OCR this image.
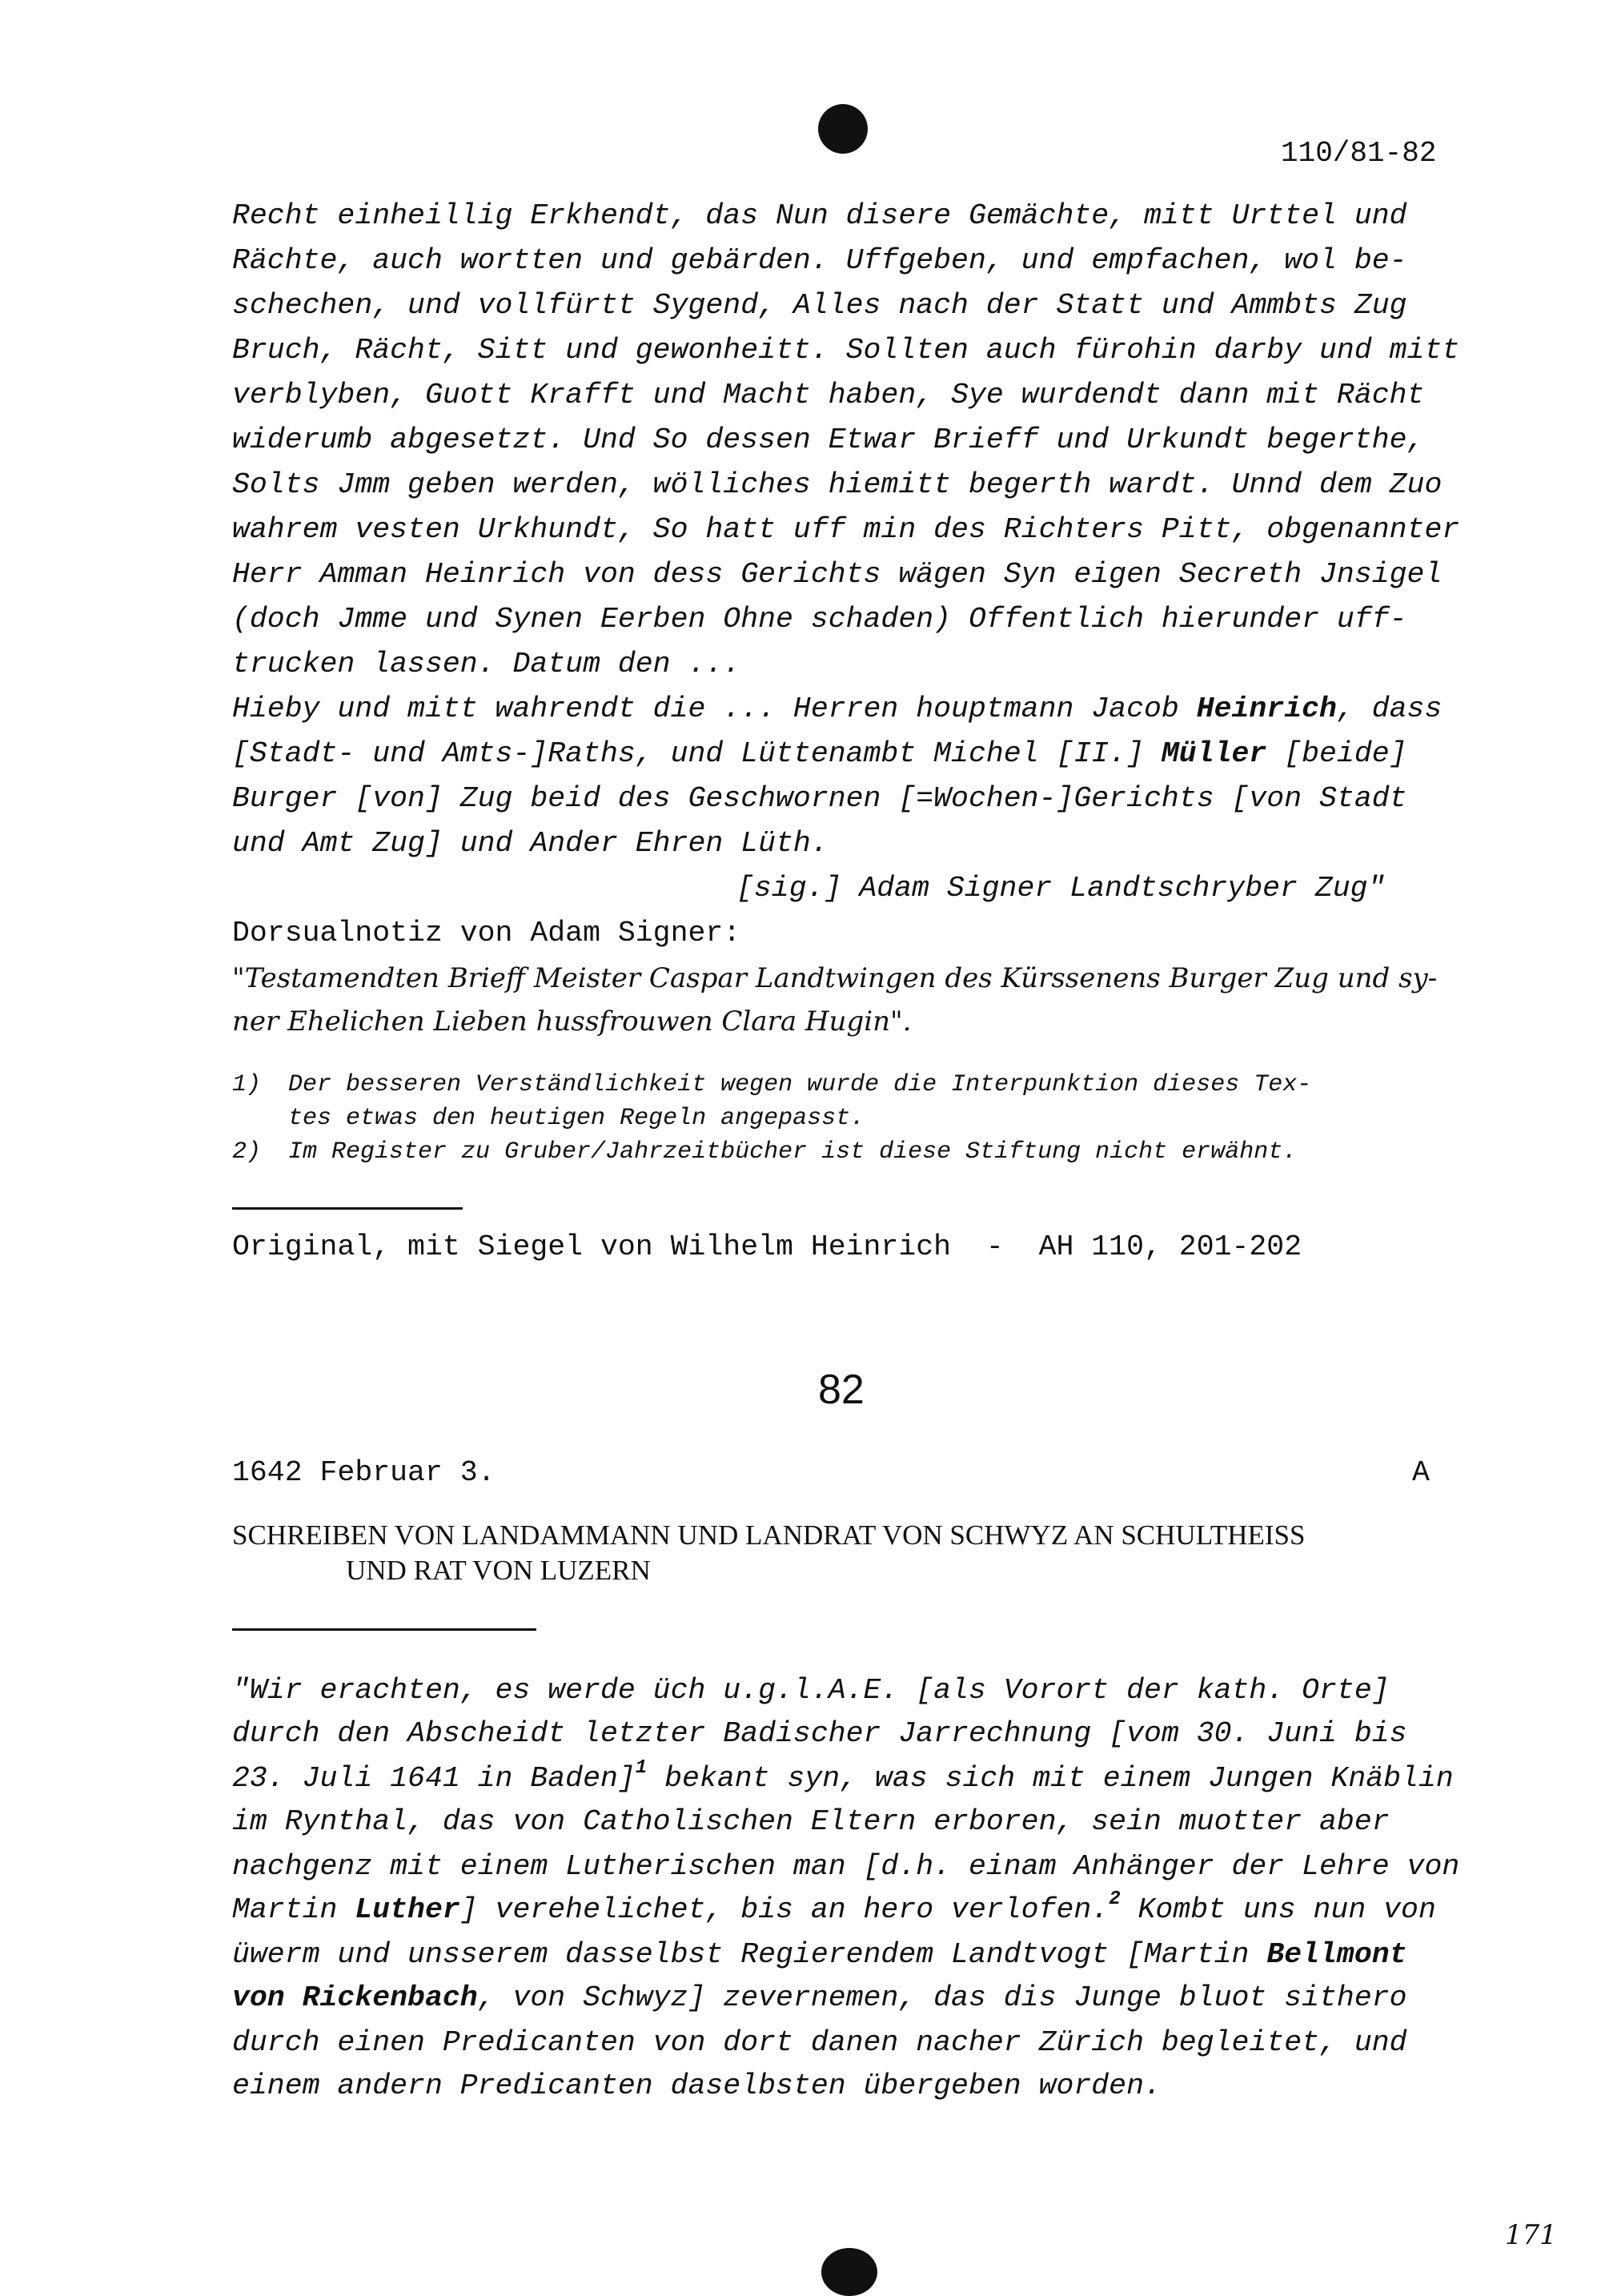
110/81-82
Recht einheillig Erkhendt, das Nun disere Gemächte, mitt Urttel und
Rächte, auch wortten und gebärden. Uffgeben, und empfachen, wol be-
schechen, und vollfürtt Sygend, Alles nach der Statt und Ammbts Zug
Bruch, Rächt, Sitt und gewonheitt. Sollten auch fürohin darby und mitt
verblyben, Guott Krafft und Macht haben, Sye wurdendt dann mit Rächt
widerumb abgesetzt. Und So dessen Etwar Brieff und Urkundt begerthe,
Solts Jmm geben werden, wölliches hiemitt begerth wardt. Unnd dem Zuo
wahrem vesten Urkhundt, So hatt uff min des Richters Pitt, obgenannter
Herr Amman Heinrich von dess Gerichts wägen Syn eigen Secreth Jnsigel
(doch Jmme und Synen Eerben Ohne schaden) Offentlich hierunder uff-
trucken lassen. Datum den ...
Hieby und mitt wahrendt die ... Herren houptmann Jacob Heinrich, dass
[Stadt- und Amts-]Raths, und Lüttenambt Michel [II.] Müller [beide]
Burger [von] Zug beid des Geschwornen [=Wochen-]Gerichts [von Stadt
und Amt Zug] und Ander Ehren Lüth.
[sig.] Adam Signer Landtschryber Zug"
Dorsualnotiz von Adam Signer:
"Testamendten Brieff Meister Caspar Landtwingen des Kürssenens Burger Zug und sy-
ner Ehelichen Lieben hussfrouwen Clara Hugin".
1) Der besseren Verständlichkeit wegen wurde die Interpunktion dieses Tex-
tes etwas den heutigen Regeln angepasst.
2) Im Register zu Gruber/Jahrzeitbücher ist diese Stiftung nicht erwähnt.
Original, mit Siegel von Wilhelm Heinrich  -  AH 110, 201-202
82
1642 Februar 3.	A
SCHREIBEN VON LANDAMMANN UND LANDRAT VON SCHWYZ AN SCHULTHEISS
UND RAT VON LUZERN
"Wir erachten, es werde üch u.g.l.A.E. [als Vorort der kath. Orte]
durch den Abscheidt letzter Badischer Jarrechnung [vom 30. Juni bis
23. Juli 1641 in Baden]$^1$ bekant syn, was sich mit einem Jungen Knäblin
im Rynthal, das von Catholischen Eltern erboren, sein muotter aber
nachgenz mit einem Lutherischen man [d.h. einam Anhänger der Lehre von
Martin Luther] verehelichet, bis an hero verlofen.$^2$ Kombt uns nun von
üwerm und unsserem dasselbst Regierendem Landtvogt [Martin Bellmont
von Rickenbach, von Schwyz] zevernemen, das dis Junge bluot sithero
durch einen Predicanten von dort danen nacher Zürich begleitet, und
einem andern Predicanten daselbsten übergeben worden.
171
